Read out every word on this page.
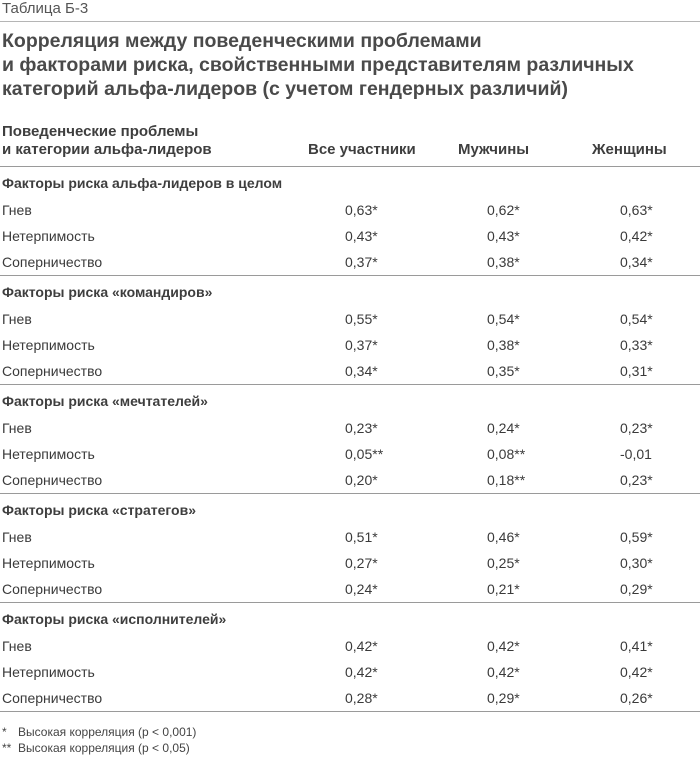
Таблица Б-3
Корреляция между поведенческими проблемами
и факторами риска, свойственными представителям различных
категорий альфа-лидеров (с учетом гендерных различий)
Поведенческие проблемы
и категории альфа-лидеров	Все участники	Мужчины	Женщины
Факторы риска альфа-лидеров в целом
Гнев	0,63*	0,62*	0,63*
Нетерпимость	0,43*	0,43*	0,42*
Соперничество	0,37*	0,38*	0,34*
Факторы риска «командиров»
Гнев	0,55*	0,54*	0,54*
Нетерпимость	0,37*	0,38*	0,33*
Соперничество	0,34*	0,35*	0,31*
Факторы риска «мечтателей»
Гнев	0,23*	0,24*	0,23*
Нетерпимость	0,05**	0,08**	-0,01
Соперничество	0,20*	0,18**	0,23*
Факторы риска «стратегов»
Гнев	0,51*	0,46*	0,59*
Нетерпимость	0,27*	0,25*	0,30*
Соперничество	0,24*	0,21*	0,29*
Факторы риска «исполнителей»
Гнев	0,42*	0,42*	0,41*
Нетерпимость	0,42*	0,42*	0,42*
Соперничество	0,28*	0,29*	0,26*
* Высокая корреляция (p < 0,001)
** Высокая корреляция (p < 0,05)
